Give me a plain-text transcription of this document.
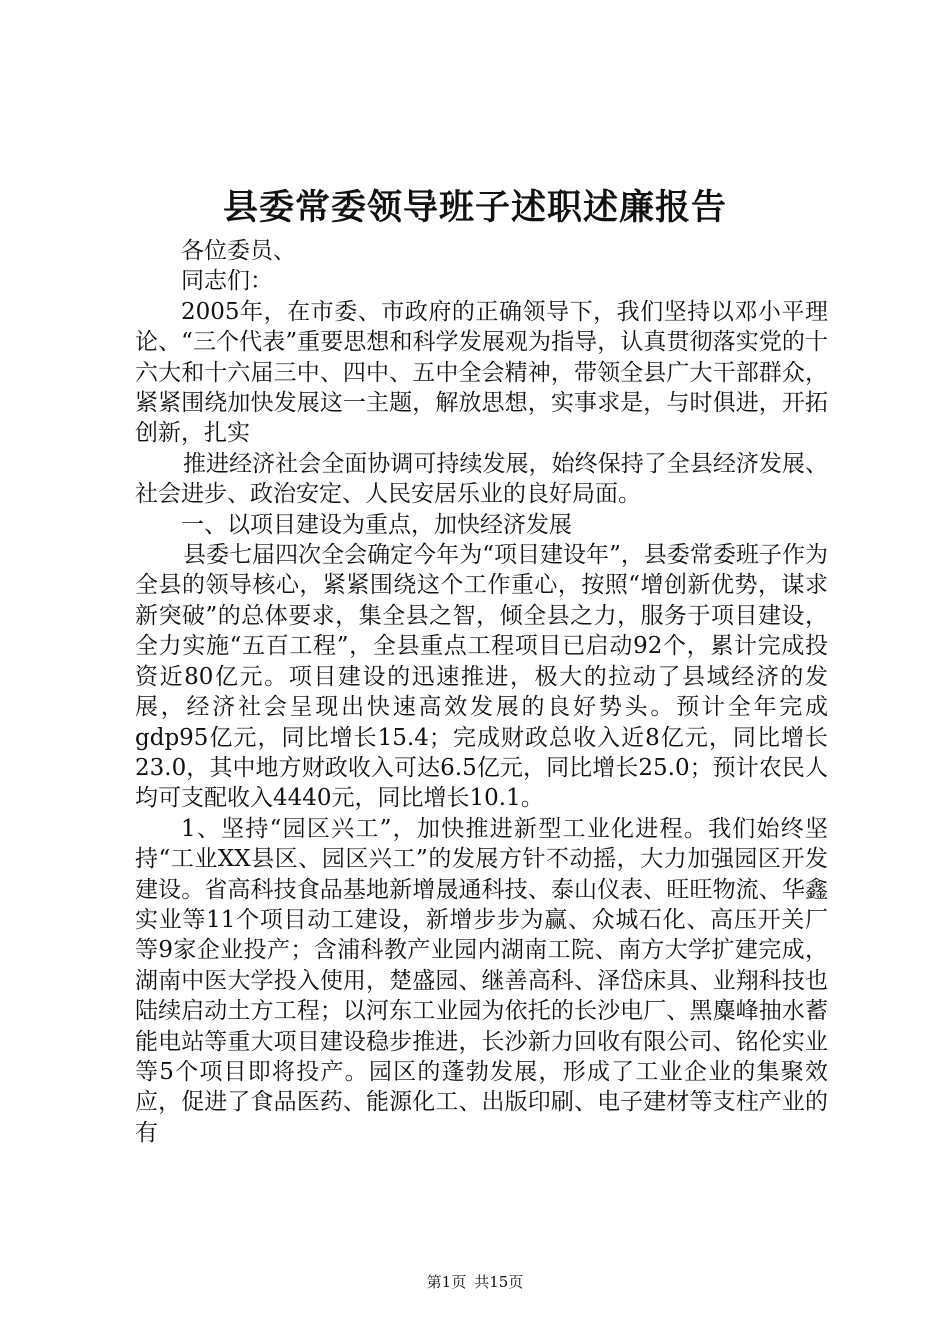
县委常委领导班子述职述廉报告

各位委员、

同志们：

2005年，在市委、市政府的正确领导下，我们坚持以邓小平理论、“三个代表”重要思想和科学发展观为指导，认真贯彻落实党的十六大和十六届三中、四中、五中全会精神，带领全县广大干部群众，紧紧围绕加快发展这一主题，解放思想，实事求是，与时俱进，开拓创新，扎实

推进经济社会全面协调可持续发展，始终保持了全县经济发展、社会进步、政治安定、人民安居乐业的良好局面。

一、以项目建设为重点，加快经济发展

县委七届四次全会确定今年为“项目建设年”，县委常委班子作为全县的领导核心，紧紧围绕这个工作重心，按照“增创新优势，谋求新突破”的总体要求，集全县之智，倾全县之力，服务于项目建设，全力实施“五百工程”，全县重点工程项目已启动92个，累计完成投资近80亿元。项目建设的迅速推进，极大的拉动了县域经济的发展，经济社会呈现出快速高效发展的良好势头。预计全年完成gdp95亿元，同比增长15.4；完成财政总收入近8亿元，同比增长23.0，其中地方财政收入可达6.5亿元，同比增长25.0；预计农民人均可支配收入4440元，同比增长10.1。

1、坚持“园区兴工”，加快推进新型工业化进程。我们始终坚持“工业XX县区、园区兴工”的发展方针不动摇，大力加强园区开发建设。省高科技食品基地新增晟通科技、泰山仪表、旺旺物流、华鑫实业等11个项目动工建设，新增步步为赢、众城石化、高压开关厂等9家企业投产；含浦科教产业园内湖南工院、南方大学扩建完成，湖南中医大学投入使用，楚盛园、继善高科、泽岱床具、业翔科技也陆续启动土方工程；以河东工业园为依托的长沙电厂、黑麋峰抽水蓄能电站等重大项目建设稳步推进，长沙新力回收有限公司、铭伦实业等5个项目即将投产。园区的蓬勃发展，形成了工业企业的集聚效应，促进了食品医药、能源化工、出版印刷、电子建材等支柱产业的有

第1页 共15页
